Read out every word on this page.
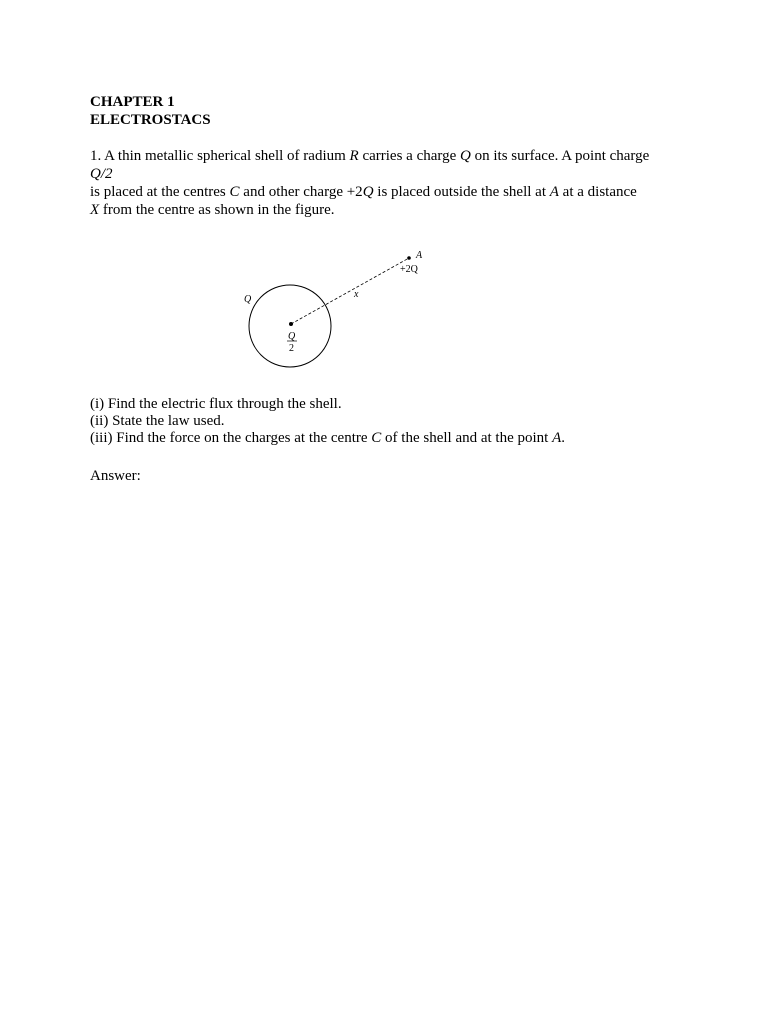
CHAPTER 1

ELECTROSTACS

1. A thin metallic spherical shell of radium R carries a charge Q on its surface. A point charge
Q/2
is placed at the centres C and other charge +2Q is placed outside the shell at A at a distance
X from the centre as shown in the figure.

Q
A
+2Q
x
Q
2
(i) Find the electric flux through the shell.
(ii) State the law used.
(iii) Find the force on the charges at the centre C of the shell and at the point A.
Answer:
